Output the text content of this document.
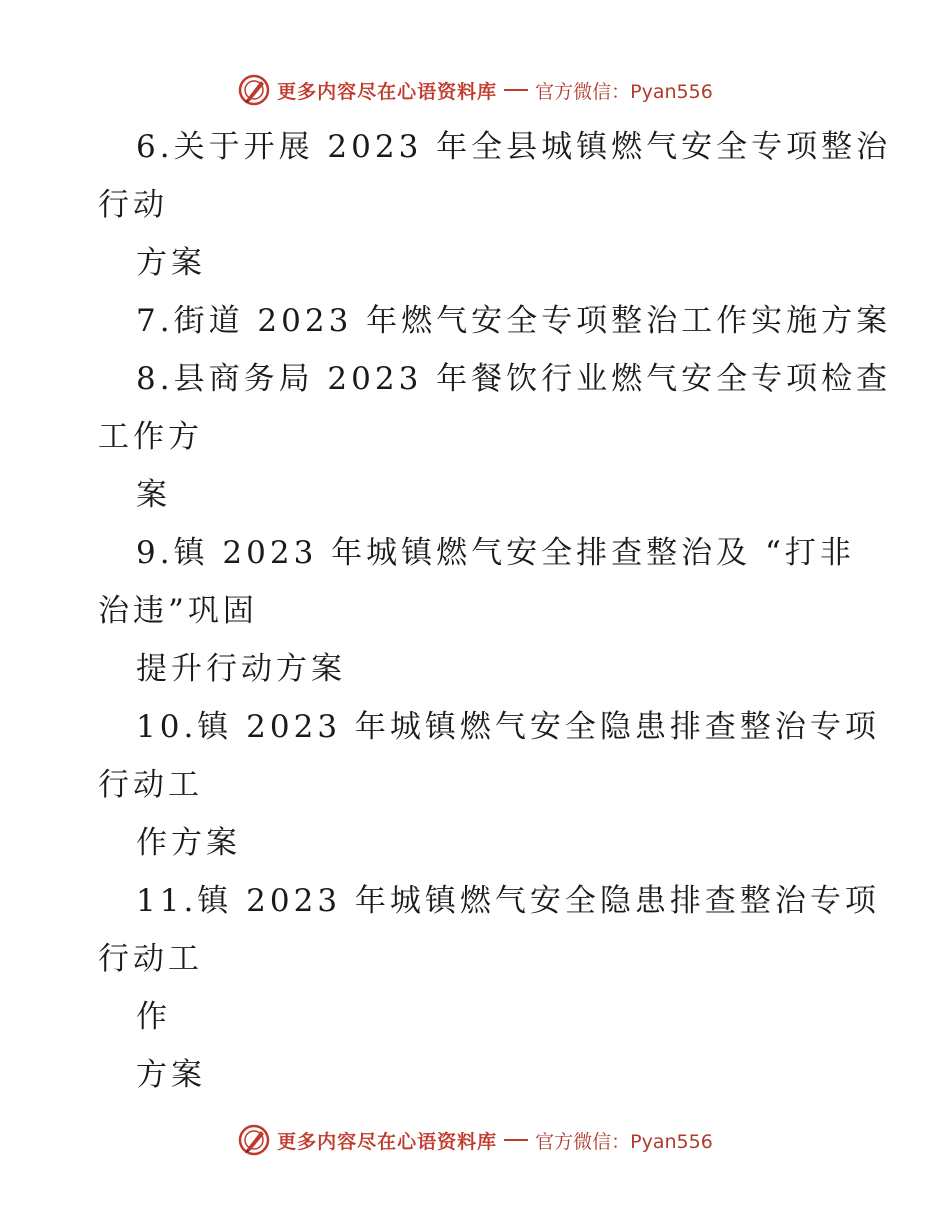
更多内容尽在心语资料库 官方微信：Pyan556
6.关于开展 2023 年全县城镇燃气安全专项整治
行动
方案
7.街道 2023 年燃气安全专项整治工作实施方案
8.县商务局 2023 年餐饮行业燃气安全专项检查
工作方
案
9.镇 2023 年城镇燃气安全排查整治及 “打非
治违”巩固
提升行动方案
10.镇 2023 年城镇燃气安全隐患排查整治专项
行动工
作方案
11.镇 2023 年城镇燃气安全隐患排查整治专项
行动工
作
方案
更多内容尽在心语资料库 官方微信：Pyan556
